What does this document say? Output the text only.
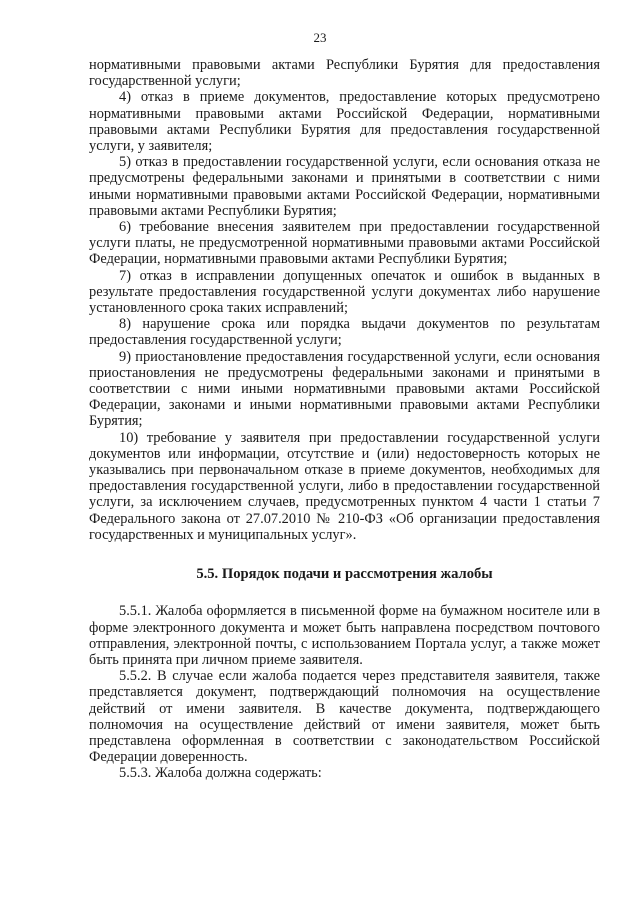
23

нормативными правовыми актами Республики Бурятия для предоставления государственной услуги;

4) отказ в приеме документов, предоставление которых предусмотрено нормативными правовыми актами Российской Федерации, нормативными правовыми актами Республики Бурятия для предоставления государственной услуги, у заявителя;

5) отказ в предоставлении государственной услуги, если основания отказа не предусмотрены федеральными законами и принятыми в соответствии с ними иными нормативными правовыми актами Российской Федерации, нормативными правовыми актами Республики Бурятия;

6) требование внесения заявителем при предоставлении государственной услуги платы, не предусмотренной нормативными правовыми актами Российской Федерации, нормативными правовыми актами Республики Бурятия;

7) отказ в исправлении допущенных опечаток и ошибок в выданных в результате предоставления государственной услуги документах либо нарушение установленного срока таких исправлений;

8) нарушение срока или порядка выдачи документов по результатам предоставления государственной услуги;

9) приостановление предоставления государственной услуги, если основания приостановления не предусмотрены федеральными законами и принятыми в соответствии с ними иными нормативными правовыми актами Российской Федерации, законами и иными нормативными правовыми актами Республики Бурятия;

10) требование у заявителя при предоставлении государственной услуги документов или информации, отсутствие и (или) недостоверность которых не указывались при первоначальном отказе в приеме документов, необходимых для предоставления государственной услуги, либо в предоставлении государственной услуги, за исключением случаев, предусмотренных пунктом 4 части 1 статьи 7 Федерального закона от 27.07.2010 № 210-ФЗ «Об организации предоставления государственных и муниципальных услуг».

5.5. Порядок подачи и рассмотрения жалобы

5.5.1. Жалоба оформляется в письменной форме на бумажном носителе или в форме электронного документа и может быть направлена посредством почтового отправления, электронной почты, с использованием Портала услуг, а также может быть принята при личном приеме заявителя.

5.5.2. В случае если жалоба подается через представителя заявителя, также представляется документ, подтверждающий полномочия на осуществление действий от имени заявителя. В качестве документа, подтверждающего полномочия на осуществление действий от имени заявителя, может быть представлена оформленная в соответствии с законодательством Российской Федерации доверенность.

5.5.3. Жалоба должна содержать:
